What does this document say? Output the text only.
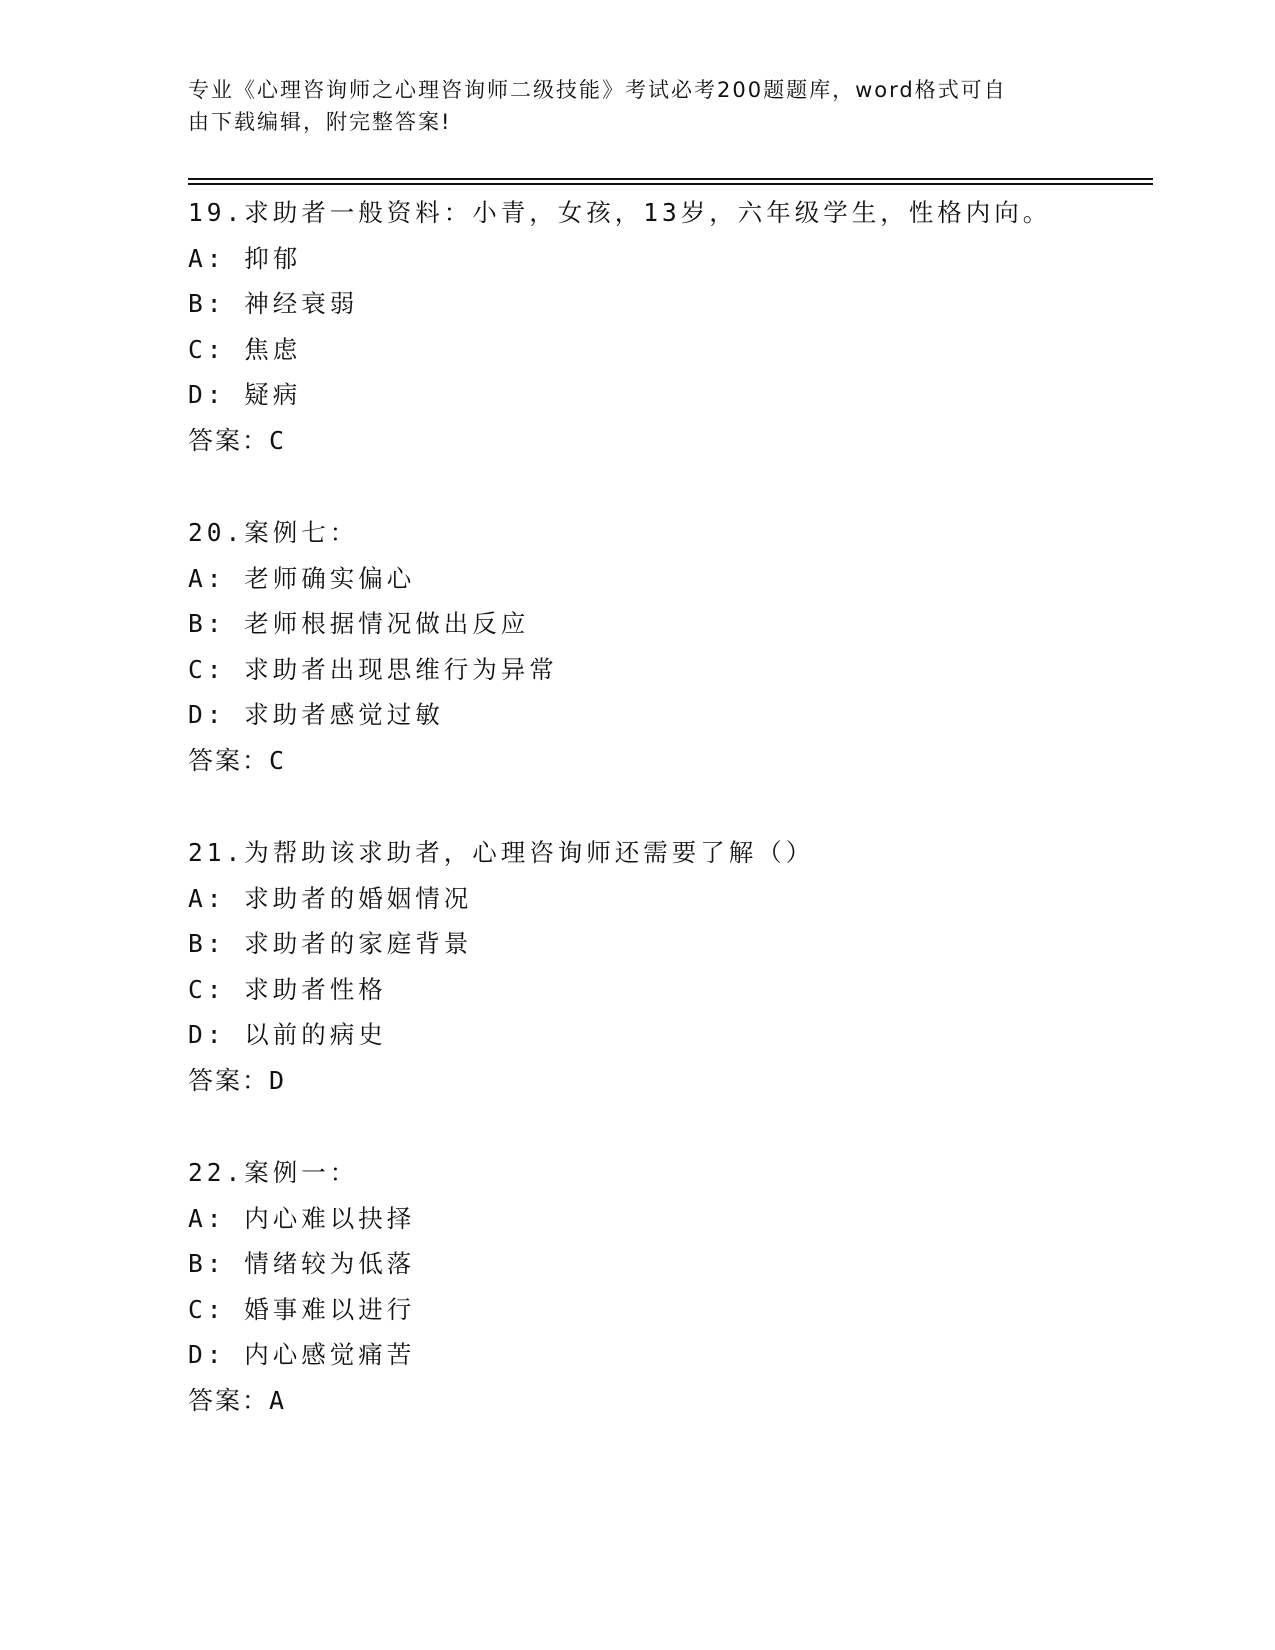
专业《心理咨询师之心理咨询师二级技能》考试必考200题题库，word格式可自
由下载编辑，附完整答案!
19.求助者一般资料：小青，女孩，13岁，六年级学生，性格内向。
A: 抑郁
B: 神经衰弱
C: 焦虑
D: 疑病
答案：C
20.案例七：
A: 老师确实偏心
B: 老师根据情况做出反应
C: 求助者出现思维行为异常
D: 求助者感觉过敏
答案：C
21.为帮助该求助者，心理咨询师还需要了解（）
A: 求助者的婚姻情况
B: 求助者的家庭背景
C: 求助者性格
D: 以前的病史
答案：D
22.案例一：
A: 内心难以抉择
B: 情绪较为低落
C: 婚事难以进行
D: 内心感觉痛苦
答案：A
